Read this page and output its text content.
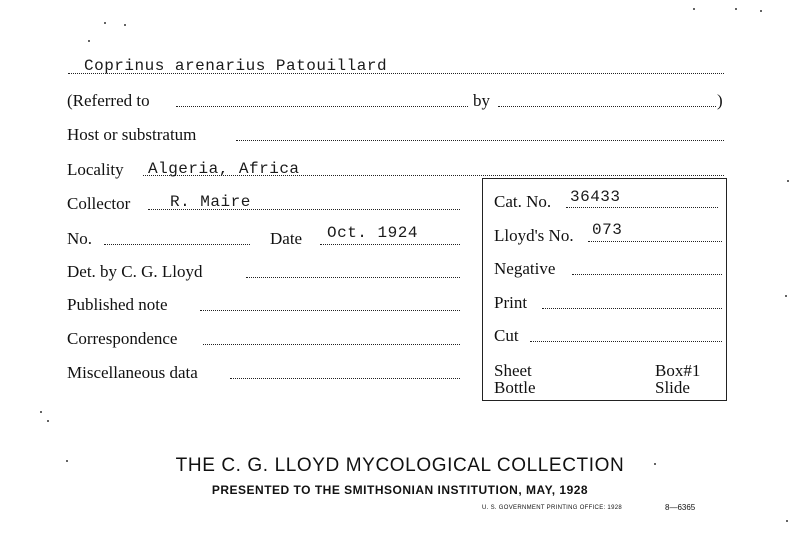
Coprinus arenarius Patouillard
(Referred to	by	)
Host or substratum
Locality Algeria, Africa
Collector R. Maire
No.	Date Oct. 1924
Det. by C. G. Lloyd
Published note
Correspondence
Miscellaneous data
Cat. No. 36433
Lloyd's No. 073
Negative
Print
Cut
Sheet	Box#1
Bottle	Slide
THE C. G. LLOYD MYCOLOGICAL COLLECTION
PRESENTED TO THE SMITHSONIAN INSTITUTION, MAY, 1928
U. S. GOVERNMENT PRINTING OFFICE: 1928	8—6365
